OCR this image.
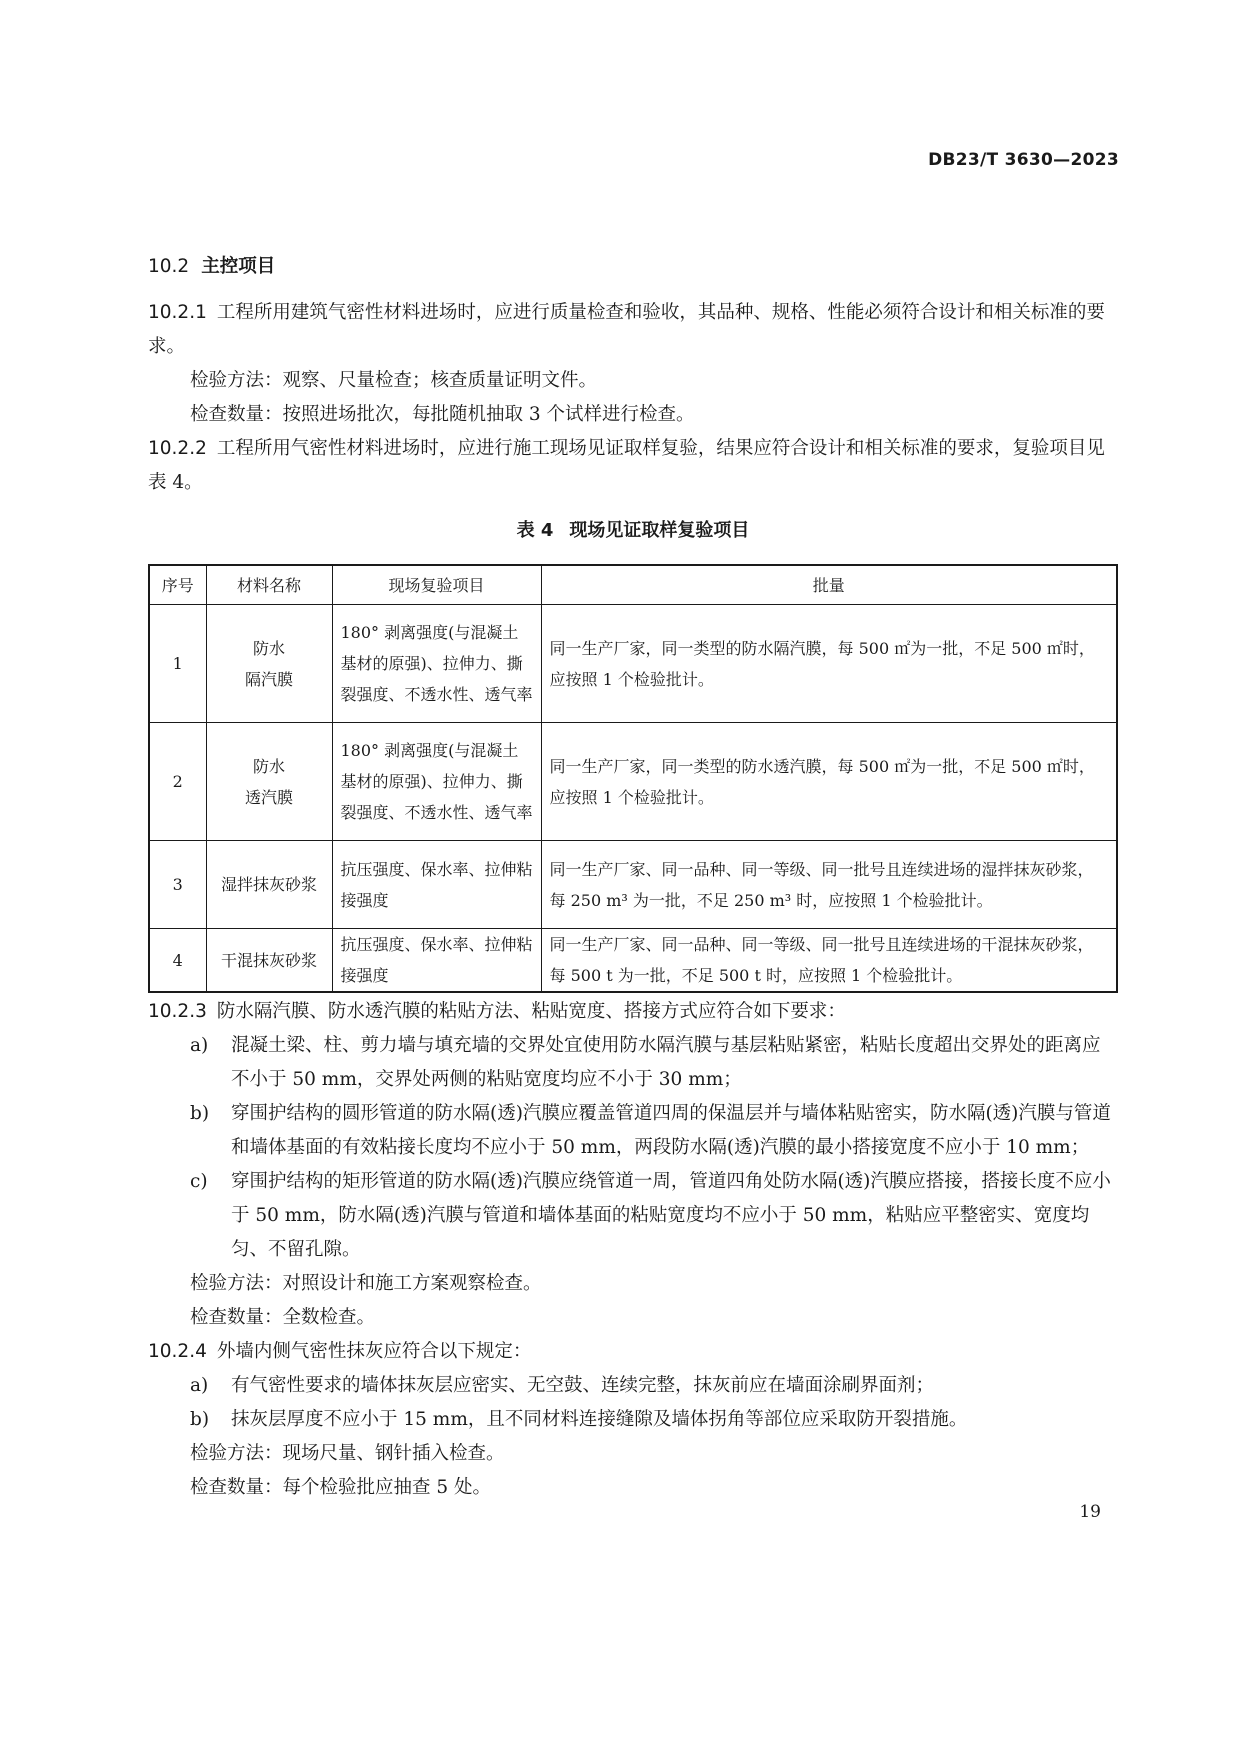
DB23/T 3630—2023

10.2 主控项目

10.2.1 工程所用建筑气密性材料进场时，应进行质量检查和验收，其品种、规格、性能必须符合设计和相关标准的要求。

检验方法：观察、尺量检查；核查质量证明文件。

检查数量：按照进场批次，每批随机抽取 3 个试样进行检查。

10.2.2 工程所用气密性材料进场时，应进行施工现场见证取样复验，结果应符合设计和相关标准的要求，复验项目见表 4。

表 4 现场见证取样复验项目

序号	材料名称	现场复验项目	批量
1	防水
隔汽膜	180° 剥离强度(与混凝土基材的原强)、拉伸力、撕裂强度、不透水性、透气率	同一生产厂家，同一类型的防水隔汽膜，每 500 ㎡为一批，不足 500 ㎡时，应按照 1 个检验批计。
2	防水
透汽膜	180° 剥离强度(与混凝土基材的原强)、拉伸力、撕裂强度、不透水性、透气率	同一生产厂家，同一类型的防水透汽膜，每 500 ㎡为一批，不足 500 ㎡时，应按照 1 个检验批计。
3	湿拌抹灰砂浆	抗压强度、保水率、拉伸粘接强度	同一生产厂家、同一品种、同一等级、同一批号且连续进场的湿拌抹灰砂浆，每 250 m³ 为一批，不足 250 m³ 时，应按照 1 个检验批计。
4	干混抹灰砂浆	抗压强度、保水率、拉伸粘接强度	同一生产厂家、同一品种、同一等级、同一批号且连续进场的干混抹灰砂浆，每 500 t 为一批，不足 500 t 时，应按照 1 个检验批计。

10.2.3 防水隔汽膜、防水透汽膜的粘贴方法、粘贴宽度、搭接方式应符合如下要求：

a) 混凝土梁、柱、剪力墙与填充墙的交界处宜使用防水隔汽膜与基层粘贴紧密，粘贴长度超出交界处的距离应不小于 50 mm，交界处两侧的粘贴宽度均应不小于 30 mm；

b) 穿围护结构的圆形管道的防水隔(透)汽膜应覆盖管道四周的保温层并与墙体粘贴密实，防水隔(透)汽膜与管道和墙体基面的有效粘接长度均不应小于 50 mm，两段防水隔(透)汽膜的最小搭接宽度不应小于 10 mm；

c) 穿围护结构的矩形管道的防水隔(透)汽膜应绕管道一周，管道四角处防水隔(透)汽膜应搭接，搭接长度不应小于 50 mm，防水隔(透)汽膜与管道和墙体基面的粘贴宽度均不应小于 50 mm，粘贴应平整密实、宽度均匀、不留孔隙。

检验方法：对照设计和施工方案观察检查。

检查数量：全数检查。

10.2.4 外墙内侧气密性抹灰应符合以下规定：

a) 有气密性要求的墙体抹灰层应密实、无空鼓、连续完整，抹灰前应在墙面涂刷界面剂；

b) 抹灰层厚度不应小于 15 mm，且不同材料连接缝隙及墙体拐角等部位应采取防开裂措施。

检验方法：现场尺量、钢针插入检查。

检查数量：每个检验批应抽查 5 处。

19
